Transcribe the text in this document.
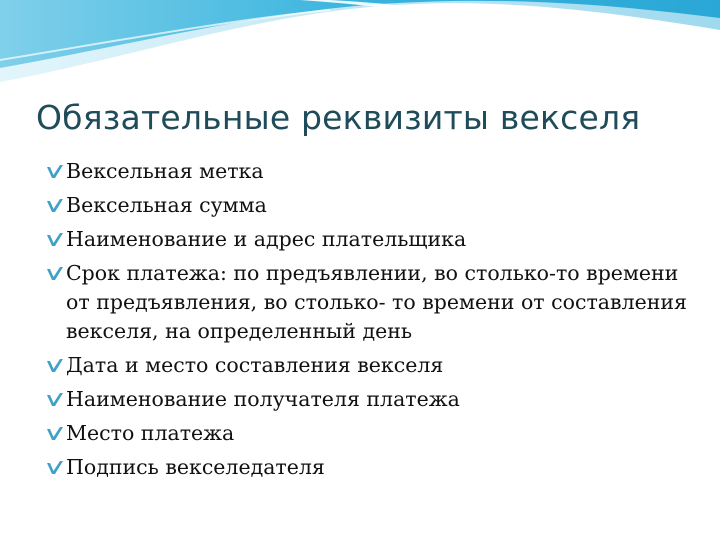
Обязательные реквизиты векселя
Вексельная метка
Вексельная сумма
Наименование и адрес плательщика
Срок платежа: по предъявлении, во столько-то времени от предъявления, во столько- то времени от составления векселя, на определенный день
Дата и место составления векселя
Наименование получателя платежа
Место платежа
Подпись векселедателя
